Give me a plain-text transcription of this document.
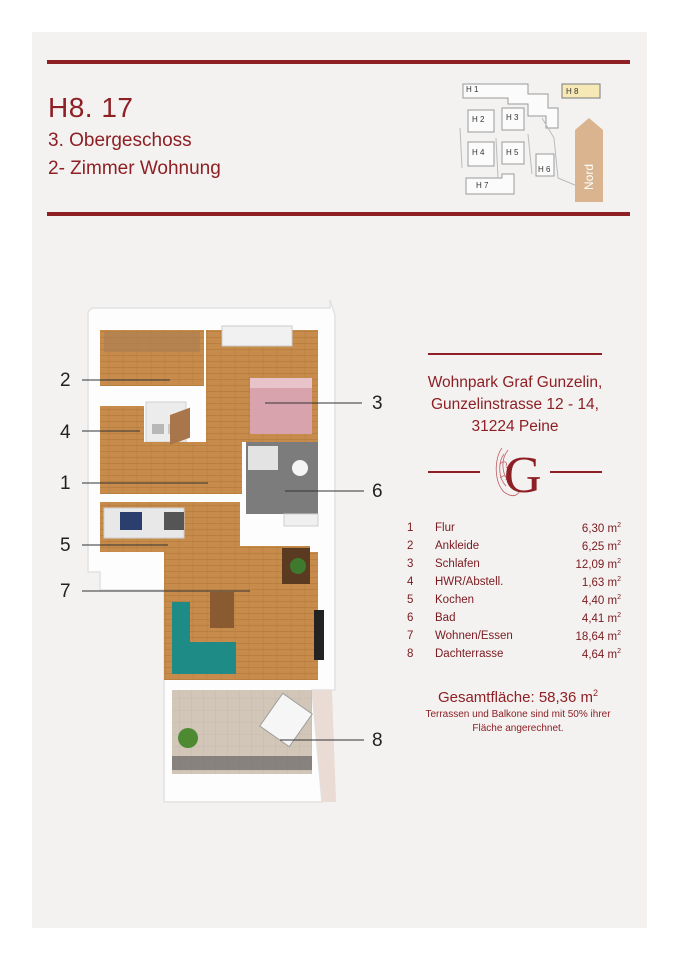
H8. 17
3. Obergeschoss
2- Zimmer Wohnung
H 1
H 2	H 3
H 4	H 5
H 6
H 7
H 8
Nord
2
4
1
5
7
3
6
8
Wohnpark Graf Gunzelin,
Gunzelinstrasse 12 - 14,
31224 Peine
G
1 Flur	6,30 $m^2$
2 Ankleide	6,25 $m^2$
3 Schlafen	12,09 $m^2$
4 HWR/Abstell.	1,63 $m^2$
5 Kochen	4,40 $m^2$
6 Bad	4,41 $m^2$
7 Wohnen/Essen	18,64 $m^2$
8 Dachterrasse	4,64 $m^2$
Gesamtfläche: 58,36 $m^2$
Terrassen und Balkone sind mit 50% ihrer
Fläche angerechnet.
